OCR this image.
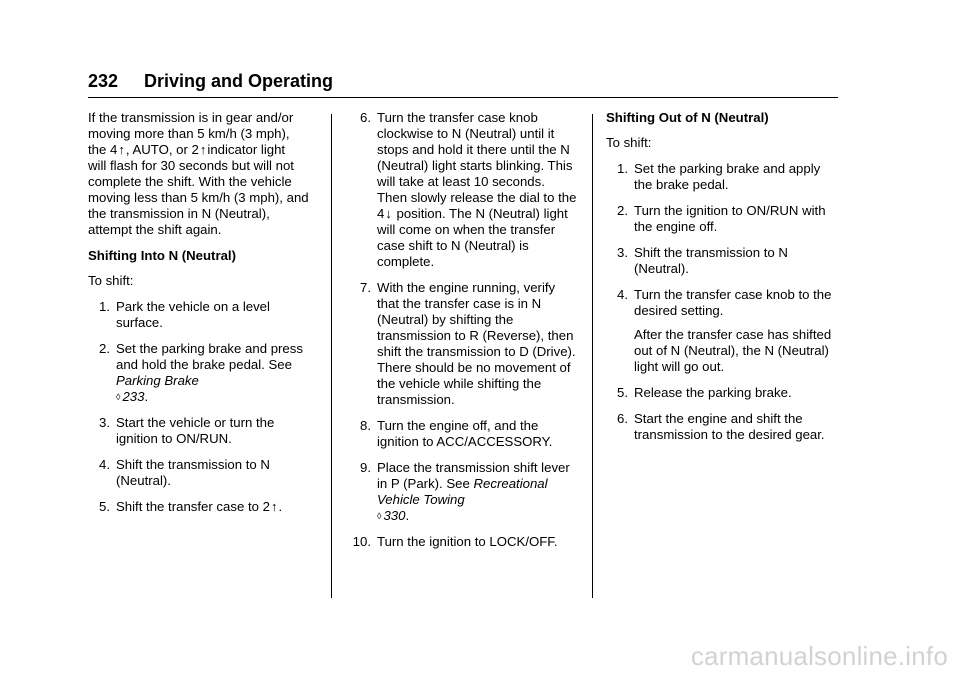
232 Driving and Operating

If the transmission is in gear and/or
moving more than 5 km/h (3 mph),
the 4↑, AUTO, or 2↑indicator light
will flash for 30 seconds but will not complete the shift. With the vehicle moving less than 5 km/h (3 mph), and the transmission in N (Neutral), attempt the shift again.

Shifting Into N (Neutral)

To shift:

1. Park the vehicle on a level surface.
2. Set the parking brake and press and hold the brake pedal. See Parking Brake
◊ 233.
3. Start the vehicle or turn the ignition to ON/RUN.
4. Shift the transmission to N (Neutral).
5. Shift the transfer case to 2↑.
6. Turn the transfer case knob clockwise to N (Neutral) until it stops and hold it there until the N (Neutral) light starts blinking. This will take at least 10 seconds. Then slowly release the dial to the 4↓ position. The N (Neutral) light will come on when the transfer case shift to N (Neutral) is complete.
7. With the engine running, verify that the transfer case is in N (Neutral) by shifting the transmission to R (Reverse), then shift the transmission to D (Drive). There should be no movement of the vehicle while shifting the transmission.
8. Turn the engine off, and the ignition to ACC/ACCESSORY.
9. Place the transmission shift lever in P (Park). See Recreational Vehicle Towing
◊ 330.
10. Turn the ignition to LOCK/OFF.

Shifting Out of N (Neutral)

To shift:

1. Set the parking brake and apply the brake pedal.
2. Turn the ignition to ON/RUN with the engine off.
3. Shift the transmission to N (Neutral).
4. Turn the transfer case knob to the desired setting.

After the transfer case has shifted out of N (Neutral), the N (Neutral) light will go out.

5. Release the parking brake.
6. Start the engine and shift the transmission to the desired gear.
carmanualsonline.info
